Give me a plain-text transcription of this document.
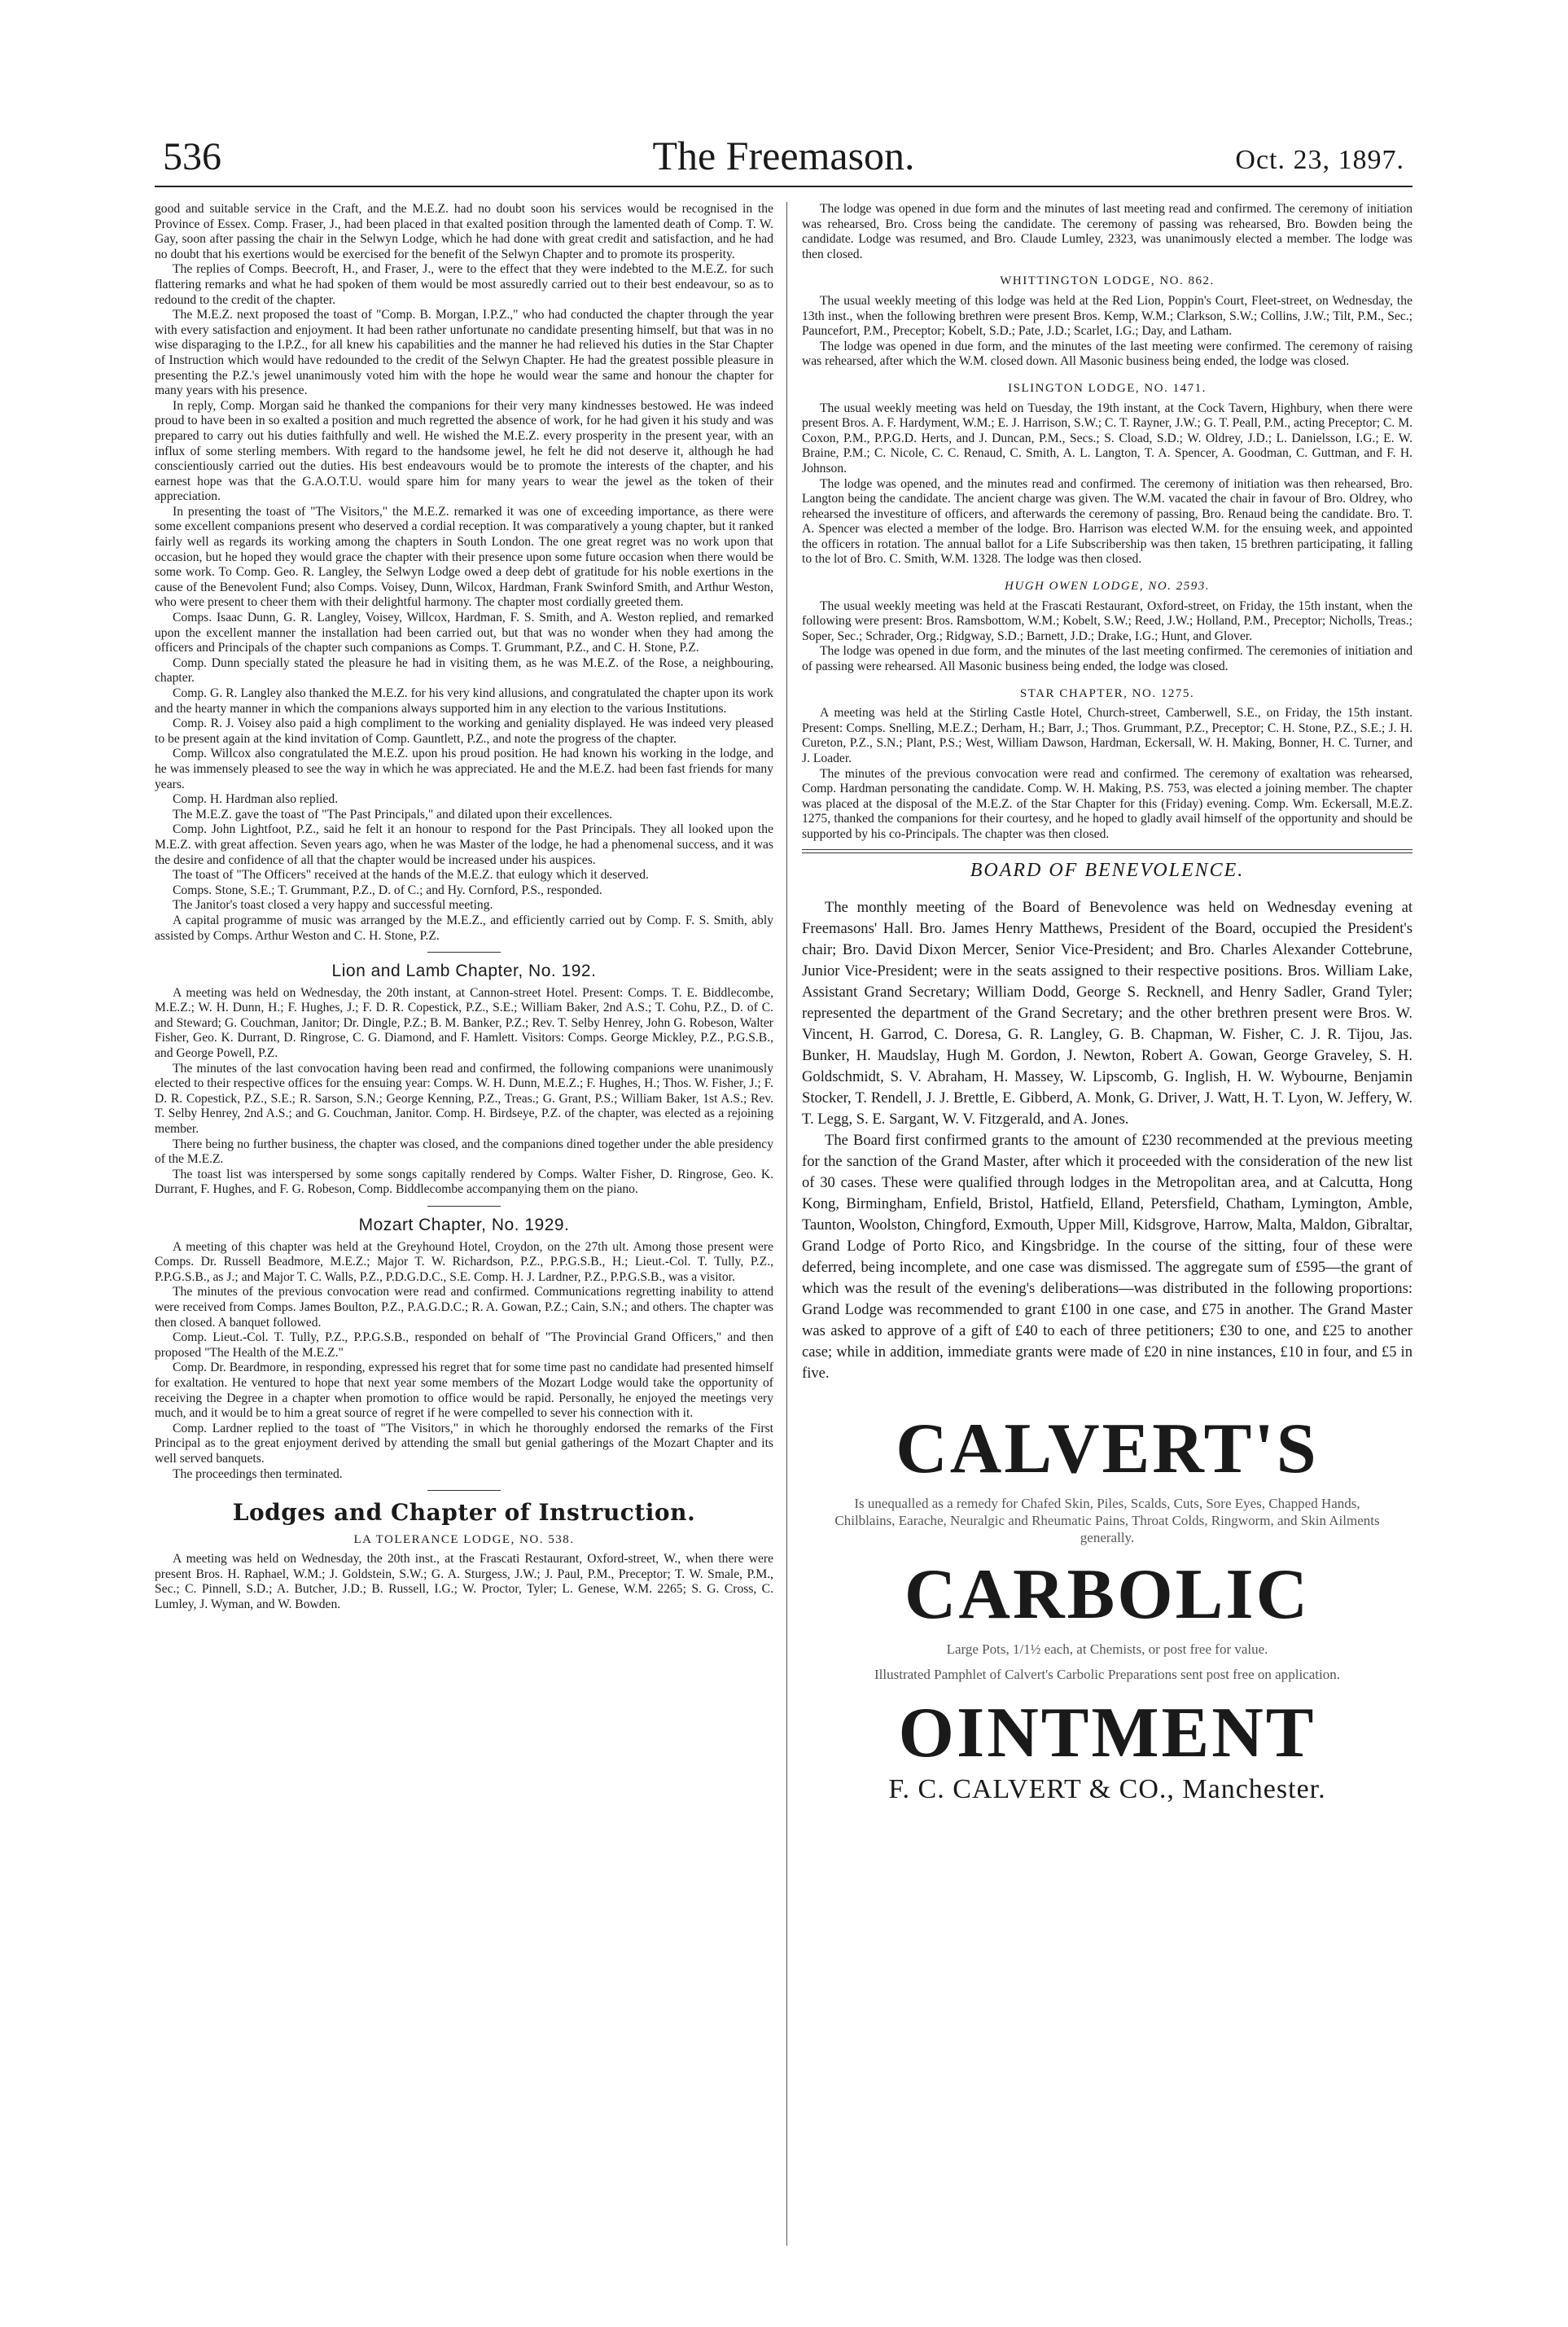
536	The Freemason.	Oct. 23, 1897.

good and suitable service in the Craft, and the M.E.Z. had no doubt soon his services would be recognised in the Province of Essex. Comp. Fraser, J., had been placed in that exalted position through the lamented death of Comp. T. W. Gay, soon after passing the chair in the Selwyn Lodge, which he had done with great credit and satisfaction, and he had no doubt that his exertions would be exercised for the benefit of the Selwyn Chapter and to promote its prosperity.

The replies of Comps. Beecroft, H., and Fraser, J., were to the effect that they were indebted to the M.E.Z. for such flattering remarks and what he had spoken of them would be most assuredly carried out to their best endeavour, so as to redound to the credit of the chapter.

The M.E.Z. next proposed the toast of "Comp. B. Morgan, I.P.Z.," who had conducted the chapter through the year with every satisfaction and enjoyment. It had been rather unfortunate no candidate presenting himself, but that was in no wise disparaging to the I.P.Z., for all knew his capabilities and the manner he had relieved his duties in the Star Chapter of Instruction which would have redounded to the credit of the Selwyn Chapter. He had the greatest possible pleasure in presenting the P.Z.'s jewel unanimously voted him with the hope he would wear the same and honour the chapter for many years with his presence.

In reply, Comp. Morgan said he thanked the companions for their very many kindnesses bestowed. He was indeed proud to have been in so exalted a position and much regretted the absence of work, for he had given it his study and was prepared to carry out his duties faithfully and well. He wished the M.E.Z. every prosperity in the present year, with an influx of some sterling members. With regard to the handsome jewel, he felt he did not deserve it, although he had conscientiously carried out the duties. His best endeavours would be to promote the interests of the chapter, and his earnest hope was that the G.A.O.T.U. would spare him for many years to wear the jewel as the token of their appreciation.

In presenting the toast of "The Visitors," the M.E.Z. remarked it was one of exceeding importance, as there were some excellent companions present who deserved a cordial reception. It was comparatively a young chapter, but it ranked fairly well as regards its working among the chapters in South London. The one great regret was no work upon that occasion, but he hoped they would grace the chapter with their presence upon some future occasion when there would be some work. To Comp. Geo. R. Langley, the Selwyn Lodge owed a deep debt of gratitude for his noble exertions in the cause of the Benevolent Fund; also Comps. Voisey, Dunn, Wilcox, Hardman, Frank Swinford Smith, and Arthur Weston, who were present to cheer them with their delightful harmony. The chapter most cordially greeted them.

Comps. Isaac Dunn, G. R. Langley, Voisey, Willcox, Hardman, F. S. Smith, and A. Weston replied, and remarked upon the excellent manner the installation had been carried out, but that was no wonder when they had among the officers and Principals of the chapter such companions as Comps. T. Grummant, P.Z., and C. H. Stone, P.Z.

Comp. Dunn specially stated the pleasure he had in visiting them, as he was M.E.Z. of the Rose, a neighbouring, chapter.

Comp. G. R. Langley also thanked the M.E.Z. for his very kind allusions, and congratulated the chapter upon its work and the hearty manner in which the companions always supported him in any election to the various Institutions.

Comp. R. J. Voisey also paid a high compliment to the working and geniality displayed. He was indeed very pleased to be present again at the kind invitation of Comp. Gauntlett, P.Z., and note the progress of the chapter.

Comp. Willcox also congratulated the M.E.Z. upon his proud position. He had known his working in the lodge, and he was immensely pleased to see the way in which he was appreciated. He and the M.E.Z. had been fast friends for many years.

Comp. H. Hardman also replied.

The M.E.Z. gave the toast of "The Past Principals," and dilated upon their excellences.

Comp. John Lightfoot, P.Z., said he felt it an honour to respond for the Past Principals. They all looked upon the M.E.Z. with great affection. Seven years ago, when he was Master of the lodge, he had a phenomenal success, and it was the desire and confidence of all that the chapter would be increased under his auspices.

The toast of "The Officers" received at the hands of the M.E.Z. that eulogy which it deserved.

Comps. Stone, S.E.; T. Grummant, P.Z., D. of C.; and Hy. Cornford, P.S., responded.

The Janitor's toast closed a very happy and successful meeting.

A capital programme of music was arranged by the M.E.Z., and efficiently carried out by Comp. F. S. Smith, ably assisted by Comps. Arthur Weston and C. H. Stone, P.Z.

Lion and Lamb Chapter, No. 192.

A meeting was held on Wednesday, the 20th instant, at Cannon-street Hotel. Present: Comps. T. E. Biddlecombe, M.E.Z.; W. H. Dunn, H.; F. Hughes, J.; F. D. R. Copestick, P.Z., S.E.; William Baker, 2nd A.S.; T. Cohu, P.Z., D. of C. and Steward; G. Couchman, Janitor; Dr. Dingle, P.Z.; B. M. Banker, P.Z.; Rev. T. Selby Henrey, John G. Robeson, Walter Fisher, Geo. K. Durrant, D. Ringrose, C. G. Diamond, and F. Hamlett. Visitors: Comps. George Mickley, P.Z., P.G.S.B., and George Powell, P.Z.

The minutes of the last convocation having been read and confirmed, the following companions were unanimously elected to their respective offices for the ensuing year: Comps. W. H. Dunn, M.E.Z.; F. Hughes, H.; Thos. W. Fisher, J.; F. D. R. Copestick, P.Z., S.E.; R. Sarson, S.N.; George Kenning, P.Z., Treas.; G. Grant, P.S.; William Baker, 1st A.S.; Rev. T. Selby Henrey, 2nd A.S.; and G. Couchman, Janitor. Comp. H. Birdseye, P.Z. of the chapter, was elected as a rejoining member.

There being no further business, the chapter was closed, and the companions dined together under the able presidency of the M.E.Z.

The toast list was interspersed by some songs capitally rendered by Comps. Walter Fisher, D. Ringrose, Geo. K. Durrant, F. Hughes, and F. G. Robeson, Comp. Biddlecombe accompanying them on the piano.

Mozart Chapter, No. 1929.

A meeting of this chapter was held at the Greyhound Hotel, Croydon, on the 27th ult. Among those present were Comps. Dr. Russell Beadmore, M.E.Z.; Major T. W. Richardson, P.Z., P.P.G.S.B., H.; Lieut.-Col. T. Tully, P.Z., P.P.G.S.B., as J.; and Major T. C. Walls, P.Z., P.D.G.D.C., S.E. Comp. H. J. Lardner, P.Z., P.P.G.S.B., was a visitor.

The minutes of the previous convocation were read and confirmed. Communications regretting inability to attend were received from Comps. James Boulton, P.Z., P.A.G.D.C.; R. A. Gowan, P.Z.; Cain, S.N.; and others. The chapter was then closed. A banquet followed.

Comp. Lieut.-Col. T. Tully, P.Z., P.P.G.S.B., responded on behalf of "The Provincial Grand Officers," and then proposed "The Health of the M.E.Z."

Comp. Dr. Beardmore, in responding, expressed his regret that for some time past no candidate had presented himself for exaltation. He ventured to hope that next year some members of the Mozart Lodge would take the opportunity of receiving the Degree in a chapter when promotion to office would be rapid. Personally, he enjoyed the meetings very much, and it would be to him a great source of regret if he were compelled to sever his connection with it.

Comp. Lardner replied to the toast of "The Visitors," in which he thoroughly endorsed the remarks of the First Principal as to the great enjoyment derived by attending the small but genial gatherings of the Mozart Chapter and its well served banquets.

The proceedings then terminated.

Lodges and Chapter of Instruction.
LA TOLERANCE LODGE, NO. 538.

A meeting was held on Wednesday, the 20th inst., at the Frascati Restaurant, Oxford-street, W., when there were present Bros. H. Raphael, W.M.; J. Goldstein, S.W.; G. A. Sturgess, J.W.; J. Paul, P.M., Preceptor; T. W. Smale, P.M., Sec.; C. Pinnell, S.D.; A. Butcher, J.D.; B. Russell, I.G.; W. Proctor, Tyler; L. Genese, W.M. 2265; S. G. Cross, C. Lumley, J. Wyman, and W. Bowden.

The lodge was opened in due form and the minutes of last meeting read and confirmed. The ceremony of initiation was rehearsed, Bro. Cross being the candidate. The ceremony of passing was rehearsed, Bro. Bowden being the candidate. Lodge was resumed, and Bro. Claude Lumley, 2323, was unanimously elected a member. The lodge was then closed.

WHITTINGTON LODGE, NO. 862.

The usual weekly meeting of this lodge was held at the Red Lion, Poppin's Court, Fleet-street, on Wednesday, the 13th inst., when the following brethren were present Bros. Kemp, W.M.; Clarkson, S.W.; Collins, J.W.; Tilt, P.M., Sec.; Pauncefort, P.M., Preceptor; Kobelt, S.D.; Pate, J.D.; Scarlet, I.G.; Day, and Latham.

The lodge was opened in due form, and the minutes of the last meeting were confirmed. The ceremony of raising was rehearsed, after which the W.M. closed down. All Masonic business being ended, the lodge was closed.

ISLINGTON LODGE, NO. 1471.

The usual weekly meeting was held on Tuesday, the 19th instant, at the Cock Tavern, Highbury, when there were present Bros. A. F. Hardyment, W.M.; E. J. Harrison, S.W.; C. T. Rayner, J.W.; G. T. Peall, P.M., acting Preceptor; C. M. Coxon, P.M., P.P.G.D. Herts, and J. Duncan, P.M., Secs.; S. Cload, S.D.; W. Oldrey, J.D.; L. Danielsson, I.G.; E. W. Braine, P.M.; C. Nicole, C. C. Renaud, C. Smith, A. L. Langton, T. A. Spencer, A. Goodman, C. Guttman, and F. H. Johnson.

The lodge was opened, and the minutes read and confirmed. The ceremony of initiation was then rehearsed, Bro. Langton being the candidate. The ancient charge was given. The W.M. vacated the chair in favour of Bro. Oldrey, who rehearsed the investiture of officers, and afterwards the ceremony of passing, Bro. Renaud being the candidate. Bro. T. A. Spencer was elected a member of the lodge. Bro. Harrison was elected W.M. for the ensuing week, and appointed the officers in rotation. The annual ballot for a Life Subscribership was then taken, 15 brethren participating, it falling to the lot of Bro. C. Smith, W.M. 1328. The lodge was then closed.

HUGH OWEN LODGE, NO. 2593.

The usual weekly meeting was held at the Frascati Restaurant, Oxford-street, on Friday, the 15th instant, when the following were present: Bros. Ramsbottom, W.M.; Kobelt, S.W.; Reed, J.W.; Holland, P.M., Preceptor; Nicholls, Treas.; Soper, Sec.; Schrader, Org.; Ridgway, S.D.; Barnett, J.D.; Drake, I.G.; Hunt, and Glover.

The lodge was opened in due form, and the minutes of the last meeting confirmed. The ceremonies of initiation and of passing were rehearsed. All Masonic business being ended, the lodge was closed.

STAR CHAPTER, NO. 1275.

A meeting was held at the Stirling Castle Hotel, Church-street, Camberwell, S.E., on Friday, the 15th instant. Present: Comps. Snelling, M.E.Z.; Derham, H.; Barr, J.; Thos. Grummant, P.Z., Preceptor; C. H. Stone, P.Z., S.E.; J. H. Cureton, P.Z., S.N.; Plant, P.S.; West, William Dawson, Hardman, Eckersall, W. H. Making, Bonner, H. C. Turner, and J. Loader.

The minutes of the previous convocation were read and confirmed. The ceremony of exaltation was rehearsed, Comp. Hardman personating the candidate. Comp. W. H. Making, P.S. 753, was elected a joining member. The chapter was placed at the disposal of the M.E.Z. of the Star Chapter for this (Friday) evening. Comp. Wm. Eckersall, M.E.Z. 1275, thanked the companions for their courtesy, and he hoped to gladly avail himself of the opportunity and should be supported by his co-Principals. The chapter was then closed.

BOARD OF BENEVOLENCE.

The monthly meeting of the Board of Benevolence was held on Wednesday evening at Freemasons' Hall. Bro. James Henry Matthews, President of the Board, occupied the President's chair; Bro. David Dixon Mercer, Senior Vice-President; and Bro. Charles Alexander Cottebrune, Junior Vice-President; were in the seats assigned to their respective positions. Bros. William Lake, Assistant Grand Secretary; William Dodd, George S. Recknell, and Henry Sadler, Grand Tyler; represented the department of the Grand Secretary; and the other brethren present were Bros. W. Vincent, H. Garrod, C. Doresa, G. R. Langley, G. B. Chapman, W. Fisher, C. J. R. Tijou, Jas. Bunker, H. Maudslay, Hugh M. Gordon, J. Newton, Robert A. Gowan, George Graveley, S. H. Goldschmidt, S. V. Abraham, H. Massey, W. Lipscomb, G. Inglish, H. W. Wybourne, Benjamin Stocker, T. Rendell, J. J. Brettle, E. Gibberd, A. Monk, G. Driver, J. Watt, H. T. Lyon, W. Jeffery, W. T. Legg, S. E. Sargant, W. V. Fitzgerald, and A. Jones.

The Board first confirmed grants to the amount of £230 recommended at the previous meeting for the sanction of the Grand Master, after which it proceeded with the consideration of the new list of 30 cases. These were qualified through lodges in the Metropolitan area, and at Calcutta, Hong Kong, Birmingham, Enfield, Bristol, Hatfield, Elland, Petersfield, Chatham, Lymington, Amble, Taunton, Woolston, Chingford, Exmouth, Upper Mill, Kidsgrove, Harrow, Malta, Maldon, Gibraltar, Grand Lodge of Porto Rico, and Kingsbridge. In the course of the sitting, four of these were deferred, being incomplete, and one case was dismissed. The aggregate sum of £595—the grant of which was the result of the evening's deliberations—was distributed in the following proportions: Grand Lodge was recommended to grant £100 in one case, and £75 in another. The Grand Master was asked to approve of a gift of £40 to each of three petitioners; £30 to one, and £25 to another case; while in addition, immediate grants were made of £20 in nine instances, £10 in four, and £5 in five.

CALVERT'S
Is unequalled as a remedy for Chafed Skin, Piles, Scalds, Cuts, Sore Eyes, Chapped Hands, Chilblains, Earache, Neuralgic and Rheumatic Pains, Throat Colds, Ringworm, and Skin Ailments generally.
CARBOLIC
Large Pots, 1/1½ each, at Chemists, or post free for value.
Illustrated Pamphlet of Calvert's Carbolic Preparations sent post free on application.
OINTMENT
F. C. CALVERT & CO., Manchester.
